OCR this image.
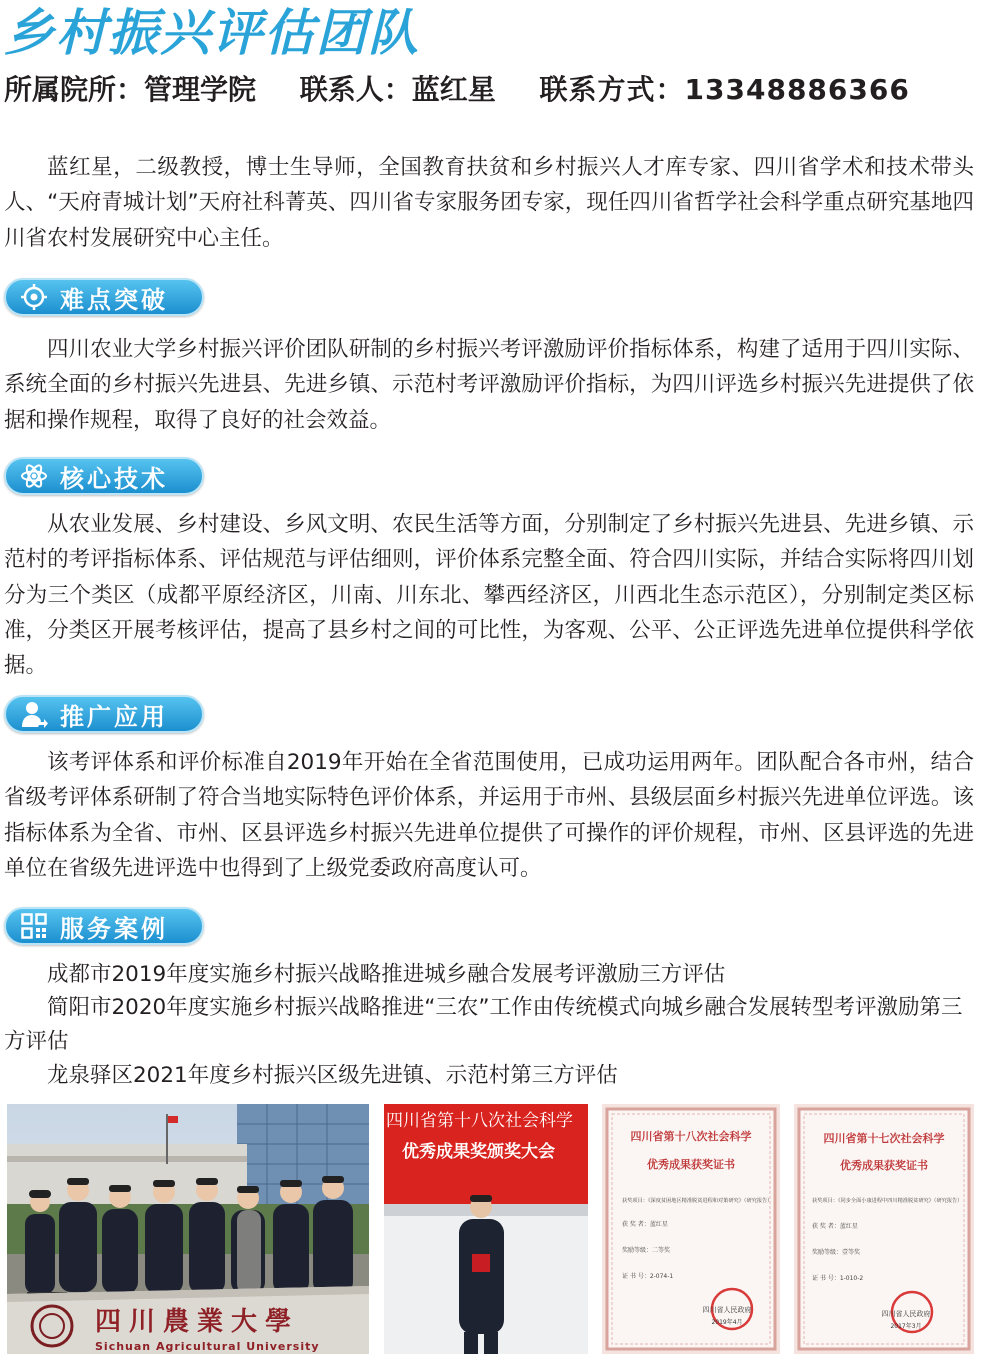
乡村振兴评估团队
所属院所：管理学院 联系人：蓝红星 联系方式：13348886366

蓝红星，二级教授，博士生导师，全国教育扶贫和乡村振兴人才库专家、四川省学术和技术带头人、“天府青城计划”天府社科菁英、四川省专家服务团专家，现任四川省哲学社会科学重点研究基地四川省农村发展研究中心主任。

难点突破

四川农业大学乡村振兴评价团队研制的乡村振兴考评激励评价指标体系，构建了适用于四川实际、系统全面的乡村振兴先进县、先进乡镇、示范村考评激励评价指标，为四川评选乡村振兴先进提供了依据和操作规程，取得了良好的社会效益。

核心技术

从农业发展、乡村建设、乡风文明、农民生活等方面，分别制定了乡村振兴先进县、先进乡镇、示范村的考评指标体系、评估规范与评估细则，评价体系完整全面、符合四川实际，并结合实际将四川划分为三个类区（成都平原经济区，川南、川东北、攀西经济区，川西北生态示范区），分别制定类区标准，分类区开展考核评估，提高了县乡村之间的可比性，为客观、公平、公正评选先进单位提供科学依据。

推广应用

该考评体系和评价标准自2019年开始在全省范围使用，已成功运用两年。团队配合各市州，结合省级考评体系研制了符合当地实际特色评价体系，并运用于市州、县级层面乡村振兴先进单位评选。该指标体系为全省、市州、区县评选乡村振兴先进单位提供了可操作的评价规程，市州、区县评选的先进单位在省级先进评选中也得到了上级党委政府高度认可。

服务案例
成都市2019年度实施乡村振兴战略推进城乡融合发展考评激励三方评估
简阳市2020年度实施乡村振兴战略推进“三农”工作由传统模式向城乡融合发展转型考评激励第三方评估
龙泉驿区2021年度乡村振兴区级先进镇、示范村第三方评估
四川農業大學
Sichuan Agricultural University
四川省第十八次社会科学
优秀成果奖颁奖大会
四川省第十八次社会科学
优秀成果获奖证书
获奖项目：《深度贫困地区精准脱贫进程和对策研究》（研究报告）
获 奖 者：蓝红星
奖励等级：二等奖
证 书 号：2-074-1
四川省人民政府
2019年4月
四川省第十七次社会科学
优秀成果获奖证书
获奖项目：《同步全面小康进程中四川精准脱贫研究》（研究报告）
获 奖 者：蓝红星
奖励等级：壹等奖
证 书 号：1-010-2
四川省人民政府
2017年3月
